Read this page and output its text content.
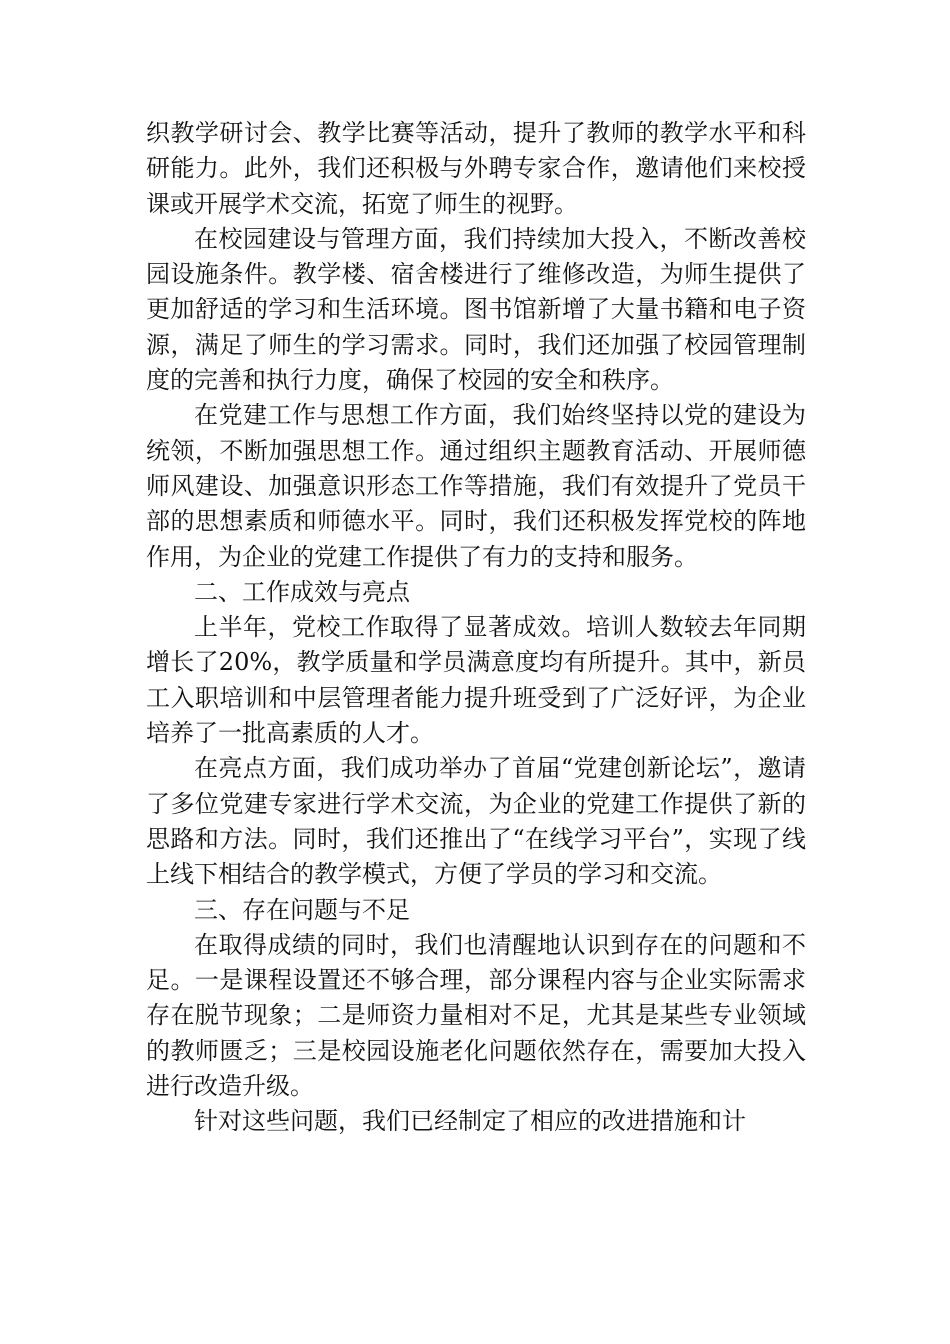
织教学研讨会、教学比赛等活动，提升了教师的教学水平和科研能力。此外，我们还积极与外聘专家合作，邀请他们来校授课或开展学术交流，拓宽了师生的视野。

在校园建设与管理方面，我们持续加大投入，不断改善校园设施条件。教学楼、宿舍楼进行了维修改造，为师生提供了更加舒适的学习和生活环境。图书馆新增了大量书籍和电子资源，满足了师生的学习需求。同时，我们还加强了校园管理制度的完善和执行力度，确保了校园的安全和秩序。

在党建工作与思想工作方面，我们始终坚持以党的建设为统领，不断加强思想工作。通过组织主题教育活动、开展师德师风建设、加强意识形态工作等措施，我们有效提升了党员干部的思想素质和师德水平。同时，我们还积极发挥党校的阵地作用，为企业的党建工作提供了有力的支持和服务。

二、工作成效与亮点

上半年，党校工作取得了显著成效。培训人数较去年同期增长了20%，教学质量和学员满意度均有所提升。其中，新员工入职培训和中层管理者能力提升班受到了广泛好评，为企业培养了一批高素质的人才。

在亮点方面，我们成功举办了首届“党建创新论坛”，邀请了多位党建专家进行学术交流，为企业的党建工作提供了新的思路和方法。同时，我们还推出了“在线学习平台”，实现了线上线下相结合的教学模式，方便了学员的学习和交流。

三、存在问题与不足

在取得成绩的同时，我们也清醒地认识到存在的问题和不足。一是课程设置还不够合理，部分课程内容与企业实际需求存在脱节现象；二是师资力量相对不足，尤其是某些专业领域的教师匮乏；三是校园设施老化问题依然存在，需要加大投入进行改造升级。

针对这些问题，我们已经制定了相应的改进措施和计
